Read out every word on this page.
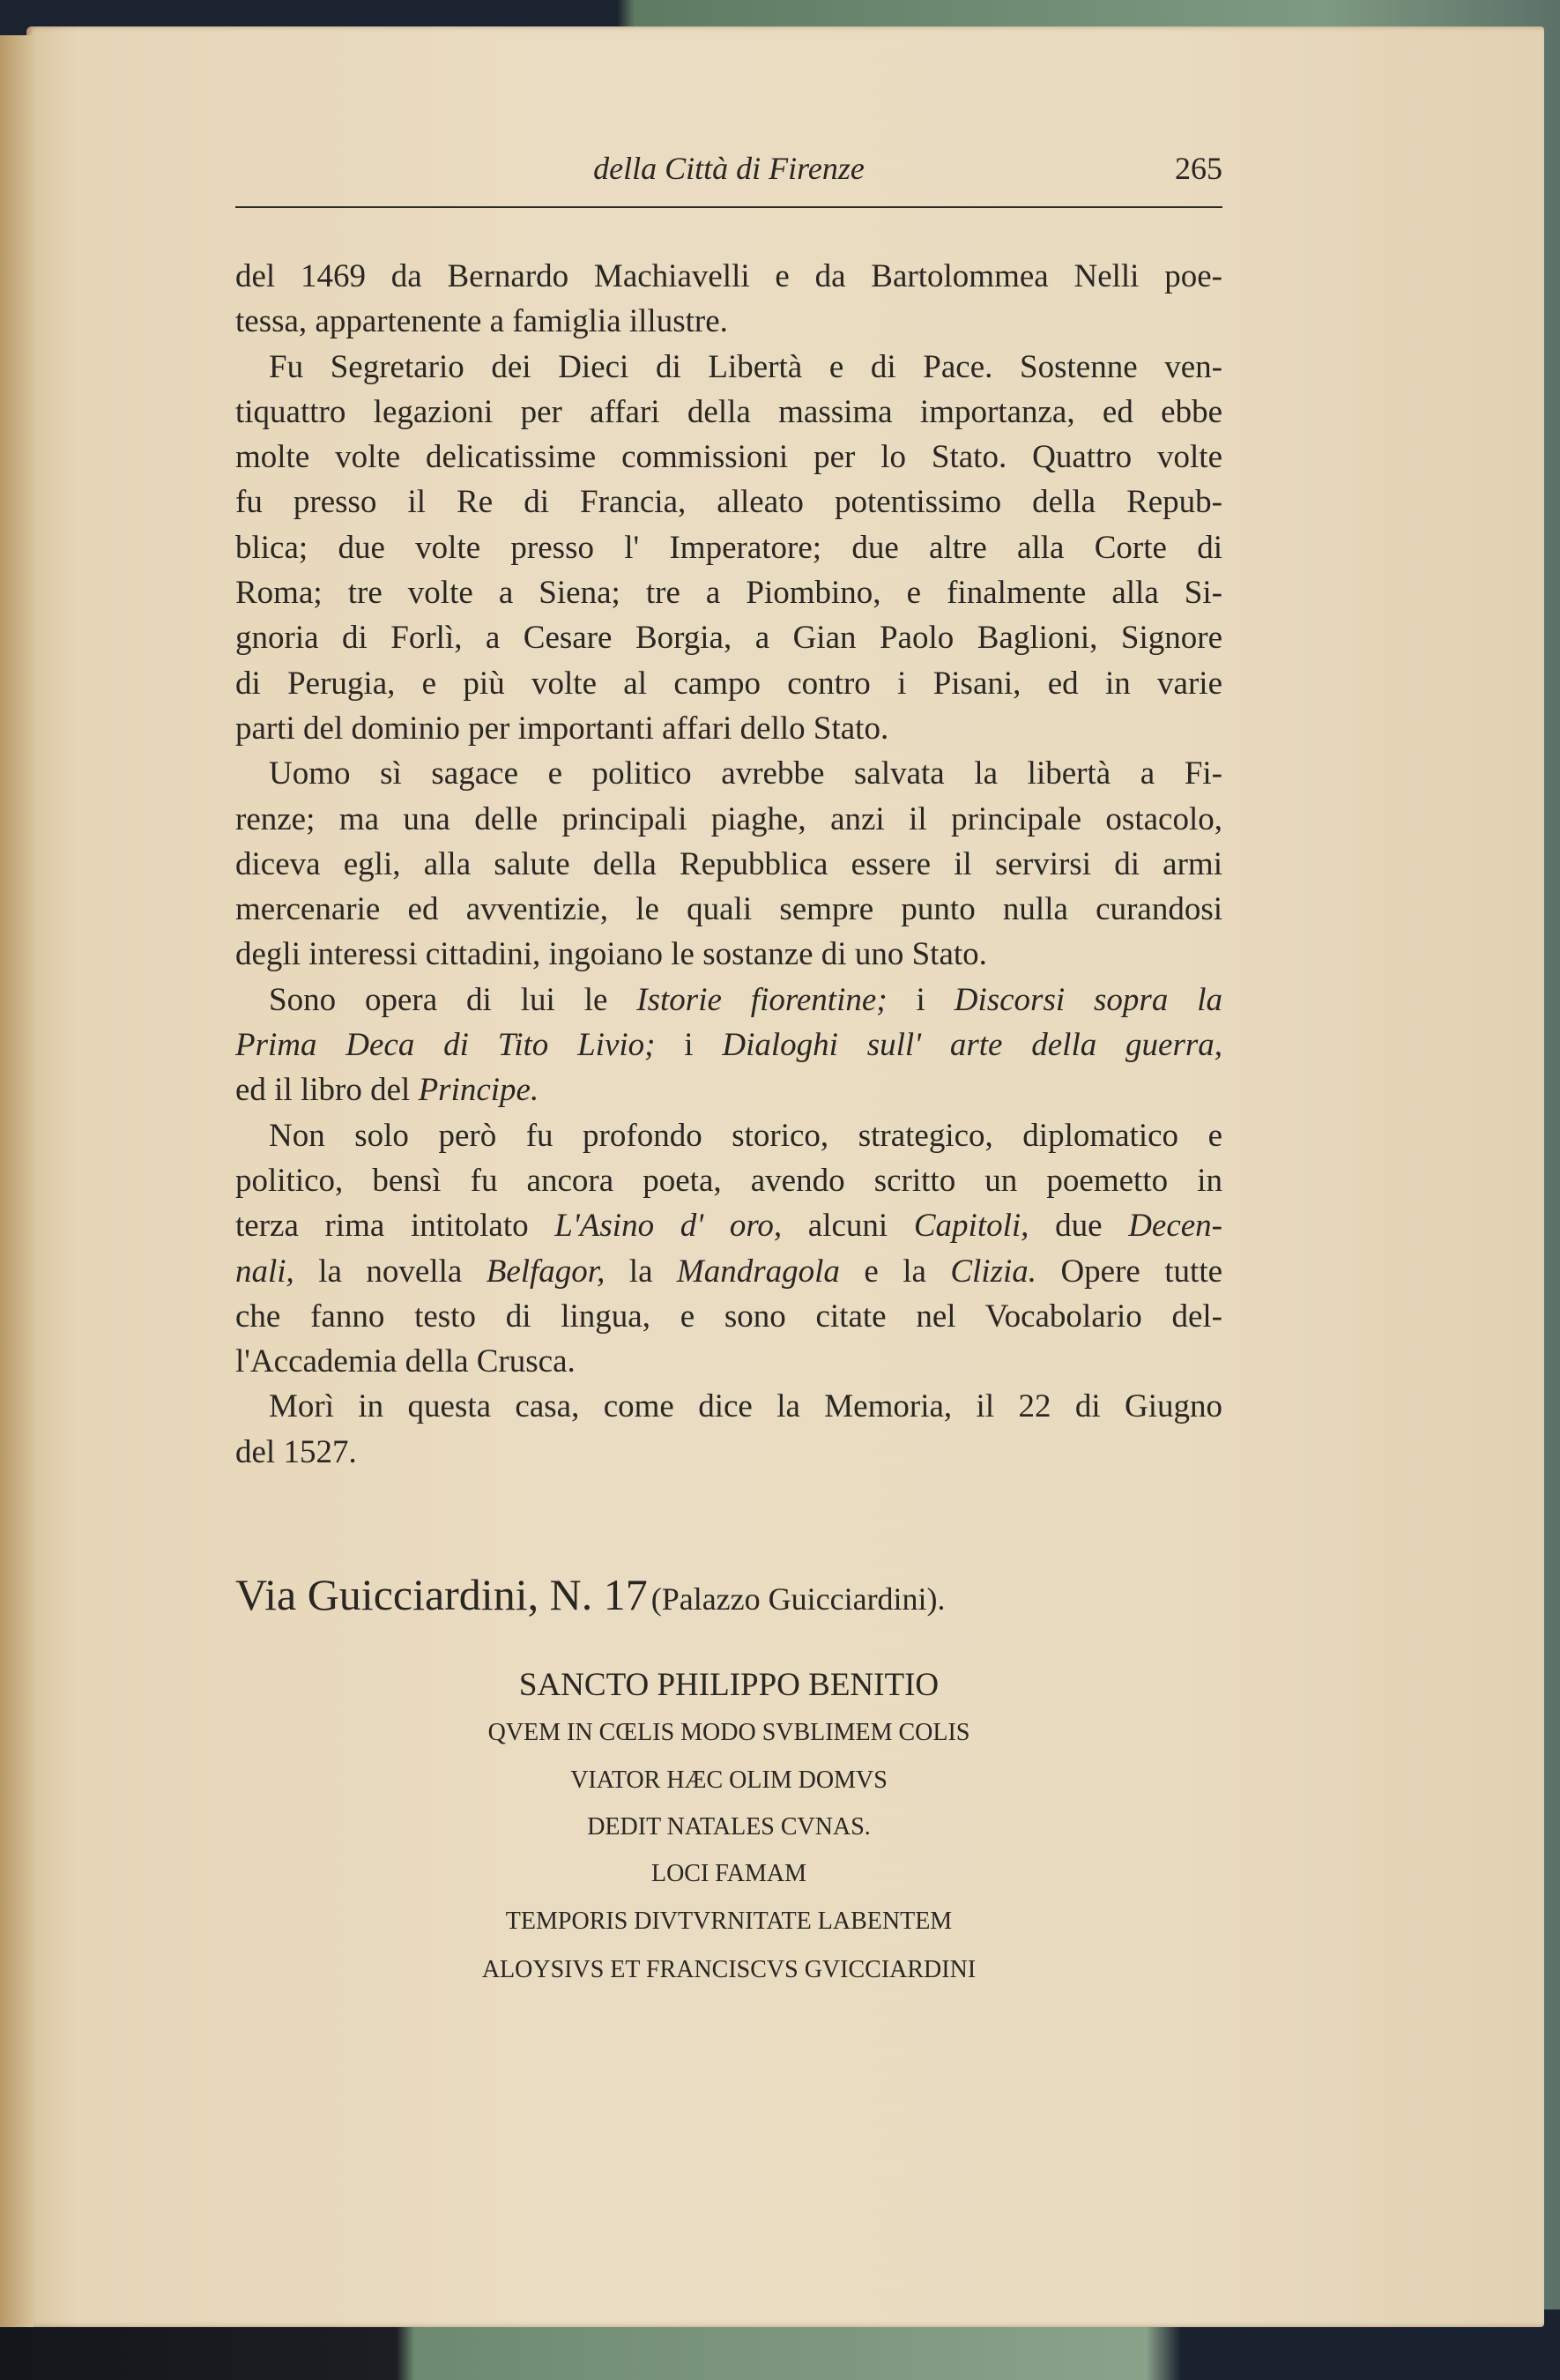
della Città di Firenze	265
del 1469 da Bernardo Machiavelli e da Bartolommea Nelli poe-
tessa, appartenente a famiglia illustre.
Fu Segretario dei Dieci di Libertà e di Pace. Sostenne ven-
tiquattro legazioni per affari della massima importanza, ed ebbe
molte volte delicatissime commissioni per lo Stato. Quattro volte
fu presso il Re di Francia, alleato potentissimo della Repub-
blica; due volte presso l' Imperatore; due altre alla Corte di
Roma; tre volte a Siena; tre a Piombino, e finalmente alla Si-
gnoria di Forlì, a Cesare Borgia, a Gian Paolo Baglioni, Signore
di Perugia, e più volte al campo contro i Pisani, ed in varie
parti del dominio per importanti affari dello Stato.
Uomo sì sagace e politico avrebbe salvata la libertà a Fi-
renze; ma una delle principali piaghe, anzi il principale ostacolo,
diceva egli, alla salute della Repubblica essere il servirsi di armi
mercenarie ed avventizie, le quali sempre punto nulla curandosi
degli interessi cittadini, ingoiano le sostanze di uno Stato.
Sono opera di lui le Istorie fiorentine; i Discorsi sopra la
Prima Deca di Tito Livio; i Dialoghi sull' arte della guerra,
ed il libro del Principe.
Non solo però fu profondo storico, strategico, diplomatico e
politico, bensì fu ancora poeta, avendo scritto un poemetto in
terza rima intitolato L'Asino d' oro, alcuni Capitoli, due Decen-
nali, la novella Belfagor, la Mandragola e la Clizia. Opere tutte
che fanno testo di lingua, e sono citate nel Vocabolario del-
l'Accademia della Crusca.
Morì in questa casa, come dice la Memoria, il 22 di Giugno
del 1527.
Via Guicciardini, N. 17 (Palazzo Guicciardini).
SANCTO PHILIPPO BENITIO
QVEM IN CŒLIS MODO SVBLIMEM COLIS
VIATOR HÆC OLIM DOMVS
DEDIT NATALES CVNAS.
LOCI FAMAM
TEMPORIS DIVTVRNITATE LABENTEM
ALOYSIVS ET FRANCISCVS GVICCIARDINI
